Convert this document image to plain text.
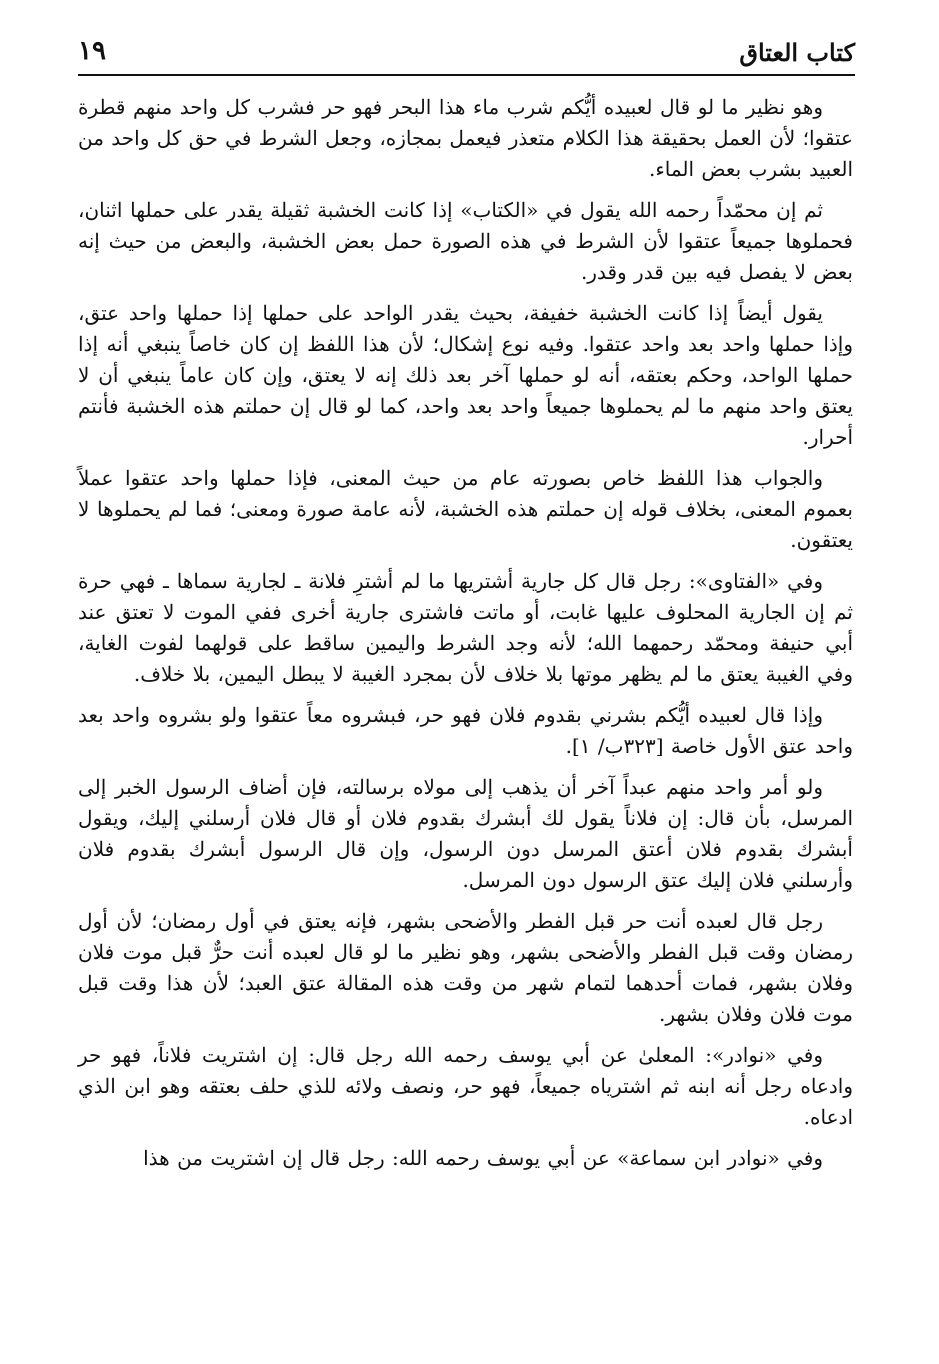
كتاب العتاق
١٩

وهو نظير ما لو قال لعبيده أيُّكم شرب ماء هذا البحر فهو حر فشرب كل واحد منهم قطرة عتقوا؛ لأن العمل بحقيقة هذا الكلام متعذر فيعمل بمجازه، وجعل الشرط في حق كل واحد من العبيد بشرب بعض الماء.

ثم إن محمّداً رحمه الله يقول في «الكتاب» إذا كانت الخشبة ثقيلة يقدر على حملها اثنان، فحملوها جميعاً عتقوا لأن الشرط في هذه الصورة حمل بعض الخشبة، والبعض من حيث إنه بعض لا يفصل فيه بين قدر وقدر.

يقول أيضاً إذا كانت الخشبة خفيفة، بحيث يقدر الواحد على حملها إذا حملها واحد عتق، وإذا حملها واحد بعد واحد عتقوا. وفيه نوع إشكال؛ لأن هذا اللفظ إن كان خاصاً ينبغي أنه إذا حملها الواحد، وحكم بعتقه، أنه لو حملها آخر بعد ذلك إنه لا يعتق، وإن كان عاماً ينبغي أن لا يعتق واحد منهم ما لم يحملوها جميعاً واحد بعد واحد، كما لو قال إن حملتم هذه الخشبة فأنتم أحرار.

والجواب هذا اللفظ خاص بصورته عام من حيث المعنى، فإذا حملها واحد عتقوا عملاً بعموم المعنى، بخلاف قوله إن حملتم هذه الخشبة، لأنه عامة صورة ومعنى؛ فما لم يحملوها لا يعتقون.

وفي «الفتاوى»: رجل قال كل جارية أشتريها ما لم أشترِ فلانة ـ لجارية سماها ـ فهي حرة ثم إن الجارية المحلوف عليها غابت، أو ماتت فاشترى جارية أخرى ففي الموت لا تعتق عند أبي حنيفة ومحمّد رحمهما الله؛ لأنه وجد الشرط واليمين ساقط على قولهما لفوت الغاية، وفي الغيبة يعتق ما لم يظهر موتها بلا خلاف لأن بمجرد الغيبة لا يبطل اليمين، بلا خلاف.

وإذا قال لعبيده أيُّكم بشرني بقدوم فلان فهو حر، فبشروه معاً عتقوا ولو بشروه واحد بعد واحد عتق الأول خاصة [٣٢٣ب/ ١].

ولو أمر واحد منهم عبداً آخر أن يذهب إلى مولاه برسالته، فإن أضاف الرسول الخبر إلى المرسل، بأن قال: إن فلاناً يقول لك أبشرك بقدوم فلان أو قال فلان أرسلني إليك، ويقول أبشرك بقدوم فلان أعتق المرسل دون الرسول، وإن قال الرسول أبشرك بقدوم فلان وأرسلني فلان إليك عتق الرسول دون المرسل.

رجل قال لعبده أنت حر قبل الفطر والأضحى بشهر، فإنه يعتق في أول رمضان؛ لأن أول رمضان وقت قبل الفطر والأضحى بشهر، وهو نظير ما لو قال لعبده أنت حرٌّ قبل موت فلان وفلان بشهر، فمات أحدهما لتمام شهر من وقت هذه المقالة عتق العبد؛ لأن هذا وقت قبل موت فلان وفلان بشهر.

وفي «نوادر»: المعلىٰ عن أبي يوسف رحمه الله رجل قال: إن اشتريت فلاناً، فهو حر وادعاه رجل أنه ابنه ثم اشترياه جميعاً، فهو حر، ونصف ولائه للذي حلف بعتقه وهو ابن الذي ادعاه.

وفي «نوادر ابن سماعة» عن أبي يوسف رحمه الله: رجل قال إن اشتريت من هذا
